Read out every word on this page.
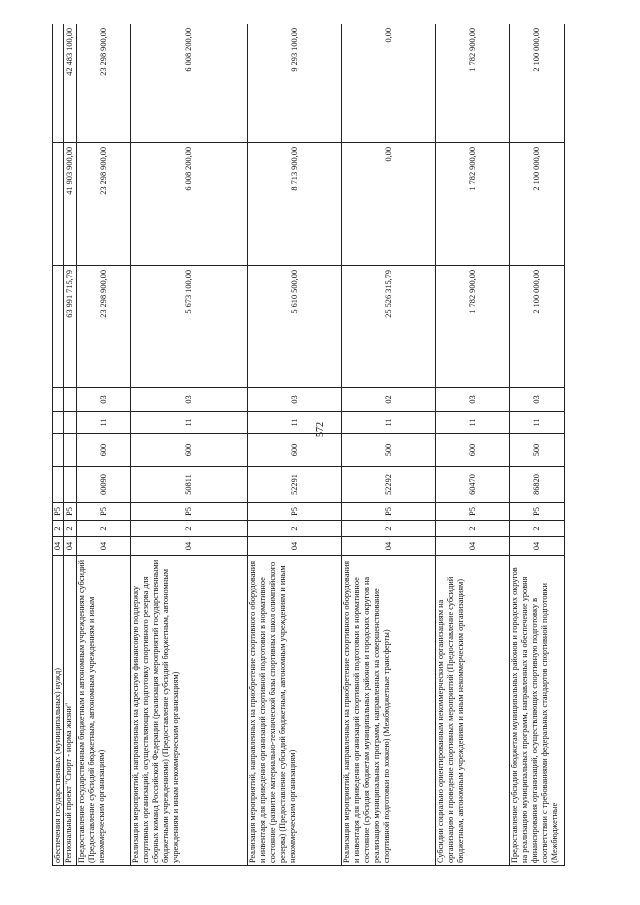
572
обеспечения государственных (муниципальных) нужд)	04	2	Р5							
Региональный проект "Спорт - норма жизни"	04	2	Р5					63 991 715,79	41 903 900,00	42 483 100,00
Предоставление государственным бюджетным и автономным учреждениям субсидий (Предоставление субсидий бюджетным, автономным учреждениям и иным некоммерческим организациям)	04	2	Р5	00090	600	11	03	23 298 900,00	23 298 900,00	23 298 900,00
Реализация мероприятий, направленных на адресную финансовую поддержку спортивных организаций, осуществляющих подготовку спортивного резерва для сборных команд Российской Федерации (реализация мероприятий государственными бюджетными учреждениями) (Предоставление субсидий бюджетным, автономным учреждениям и иным некоммерческим организациям)	04	2	Р5	50811	600	11	03	5 673 100,00	6 008 200,00	6 008 200,00
Реализация мероприятий, направленных на приобретение спортивного оборудования и инвентаря для приведения организаций спортивной подготовки в нормативное состояние (развитие материально-технической базы спортивных школ олимпийского резерва) (Предоставление субсидий бюджетным, автономным учреждениям и иным некоммерческим организациям)	04	2	Р5	52291	600	11	03	5 610 500,00	8 713 900,00	9 293 100,00
Реализация мероприятий, направленных на приобретение спортивного оборудования и инвентаря для приведения организаций спортивной подготовки в нормативное состояние (субсидия бюджетам муниципальных районов и городских округов на реализацию муниципальных программ, направленных на совершенствование спортивной подготовки по хоккею) (Межбюджетные трансферты)	04	2	Р5	52292	500	11	02	25 526 315,79	0,00	0,00
Субсидии социально ориентированным некоммерческим организациям на организацию и проведение спортивных мероприятий (Предоставление субсидий бюджетным, автономным учреждениям и иным некоммерческим организациям)	04	2	Р5	60470	600	11	03	1 782 900,00	1 782 900,00	1 782 900,00
Предоставление субсидии бюджетам муниципальных районов и городских округов на реализацию муниципальных программ, направленных на обеспечение уровня финансирования организаций, осуществляющих спортивную подготовку в соответствии с требованиями федеральных стандартов спортивной подготовки (Межбюджетные	04	2	Р5	86820	500	11	03	2 100 000,00	2 100 000,00	2 100 000,00
